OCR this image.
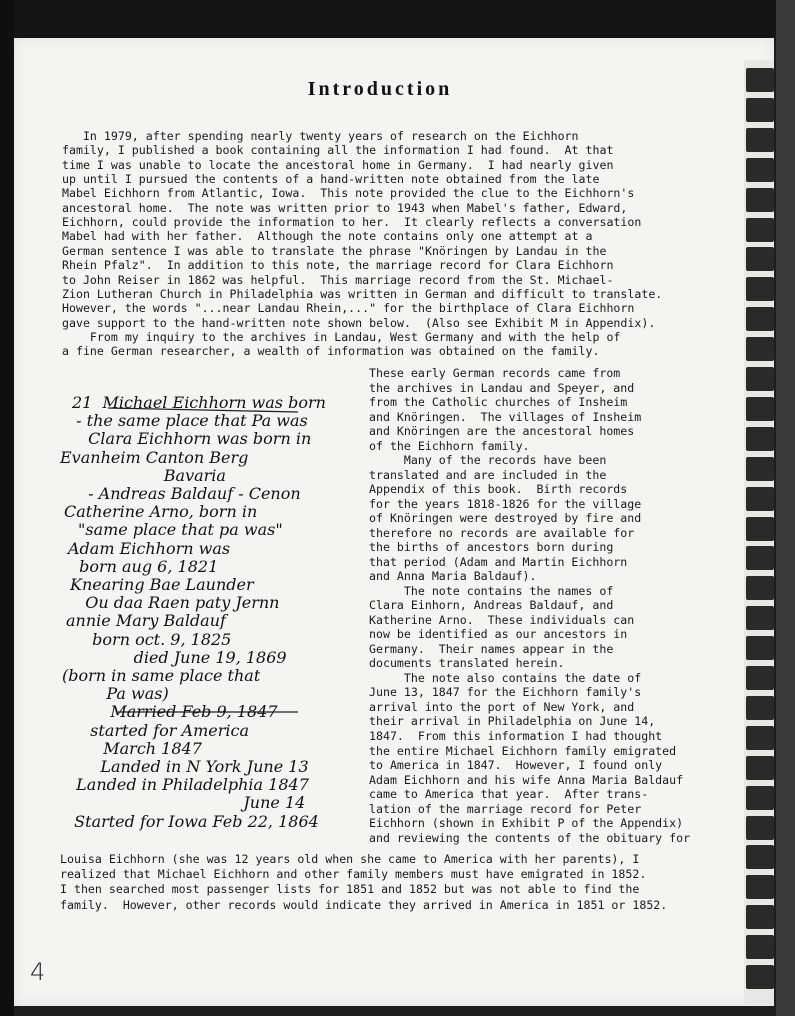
Introduction
In 1979, after spending nearly twenty years of research on the Eichhorn
family, I published a book containing all the information I had found.  At that
time I was unable to locate the ancestoral home in Germany.  I had nearly given
up until I pursued the contents of a hand-written note obtained from the late
Mabel Eichhorn from Atlantic, Iowa.  This note provided the clue to the Eichhorn's
ancestoral home.  The note was written prior to 1943 when Mabel's father, Edward,
Eichhorn, could provide the information to her.  It clearly reflects a conversation
Mabel had with her father.  Although the note contains only one attempt at a
German sentence I was able to translate the phrase "Knöringen by Landau in the
Rhein Pfalz".  In addition to this note, the marriage record for Clara Eichhorn
to John Reiser in 1862 was helpful.  This marriage record from the St. Michael-
Zion Lutheran Church in Philadelphia was written in German and difficult to translate.
However, the words "...near Landau Rhein,..." for the birthplace of Clara Eichhorn
gave support to the hand-written note shown below.  (Also see Exhibit M in Appendix).
From my inquiry to the archives in Landau, West Germany and with the help of
a fine German researcher, a wealth of information was obtained on the family.
These early German records came from
the archives in Landau and Speyer, and
from the Catholic churches of Insheim
and Knöringen.  The villages of Insheim
and Knöringen are the ancestoral homes
of the Eichhorn family.
Many of the records have been
translated and are included in the
Appendix of this book.  Birth records
for the years 1818-1826 for the village
of Knöringen were destroyed by fire and
therefore no records are available for
the births of ancestors born during
that period (Adam and Martin Eichhorn
and Anna Maria Baldauf).
The note contains the names of
Clara Einhorn, Andreas Baldauf, and
Katherine Arno.  These individuals can
now be identified as our ancestors in
Germany.  Their names appear in the
documents translated herein.
The note also contains the date of
June 13, 1847 for the Eichhorn family's
arrival into the port of New York, and
their arrival in Philadelphia on June 14,
1847.  From this information I had thought
the entire Michael Eichhorn family emigrated
to America in 1847.  However, I found only
Adam Eichhorn and his wife Anna Maria Baldauf
came to America that year.  After trans-
lation of the marriage record for Peter
Eichhorn (shown in Exhibit P of the Appendix)
and reviewing the contents of the obituary for
Louisa Eichhorn (she was 12 years old when she came to America with her parents), I
realized that Michael Eichhorn and other family members must have emigrated in 1852.
I then searched most passenger lists for 1851 and 1852 but was not able to find the
family.  However, other records would indicate they arrived in America in 1851 or 1852.
21  Michael Eichhorn was born
- the same place that Pa was
Clara Eichhorn was born in
Evanheim Canton Berg
Bavaria
- Andreas Baldauf - Cenon
Catherine Arno, born in
"same place that pa was"
Adam Eichhorn was
born aug 6, 1821
Knearing Bae Launder
Ou daa Raen paty Jernn
annie Mary Baldauf
born oct. 9, 1825
died June 19, 1869
(born in same place that
Pa was)
Married Feb 9, 1847
started for America
March 1847
Landed in N York June 13
Landed in Philadelphia 1847
June 14
Started for Iowa Feb 22, 1864
4
